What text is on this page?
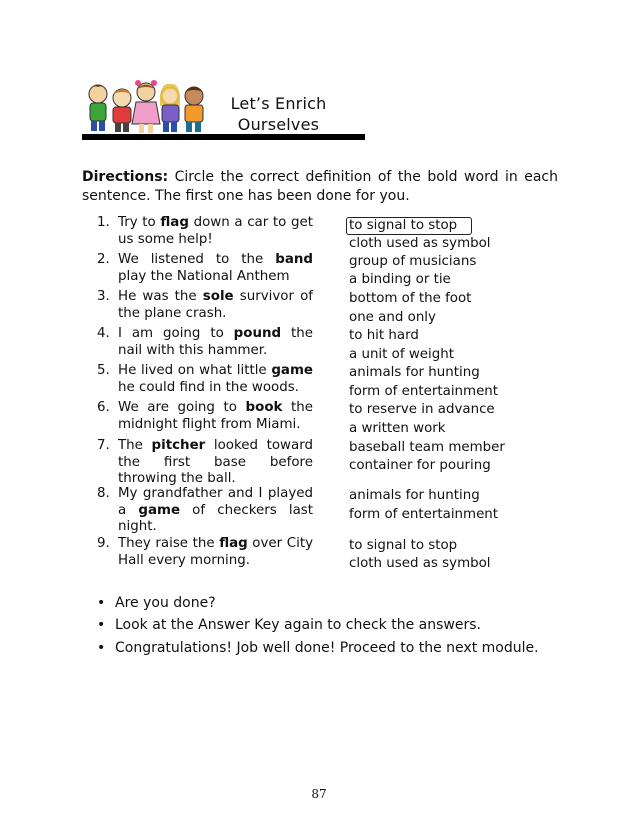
Let’s Enrich
Ourselves
Directions: Circle the correct definition of the bold word in each sentence. The first one has been done for you.
1. Try to flag down a car to get us some help!
2. We listened to the band play the National Anthem
3. He was the sole survivor of the plane crash.
4. I am going to pound the nail with this hammer.
5. He lived on what little game he could find in the woods.
6. We are going to book the midnight flight from Miami.
7. The pitcher looked toward the first base before throwing the ball.
8. My grandfather and I played a game of checkers last night.
9. They raise the flag over City Hall every morning.
to signal to stop
cloth used as symbol
group of musicians
a binding or tie
bottom of the foot
one and only
to hit hard
a unit of weight
animals for hunting
form of entertainment
to reserve in advance
a written work
baseball team member
container for pouring
animals for hunting
form of entertainment
to signal to stop
cloth used as symbol
• Are you done?
• Look at the Answer Key again to check the answers.
• Congratulations! Job well done! Proceed to the next module.
87
